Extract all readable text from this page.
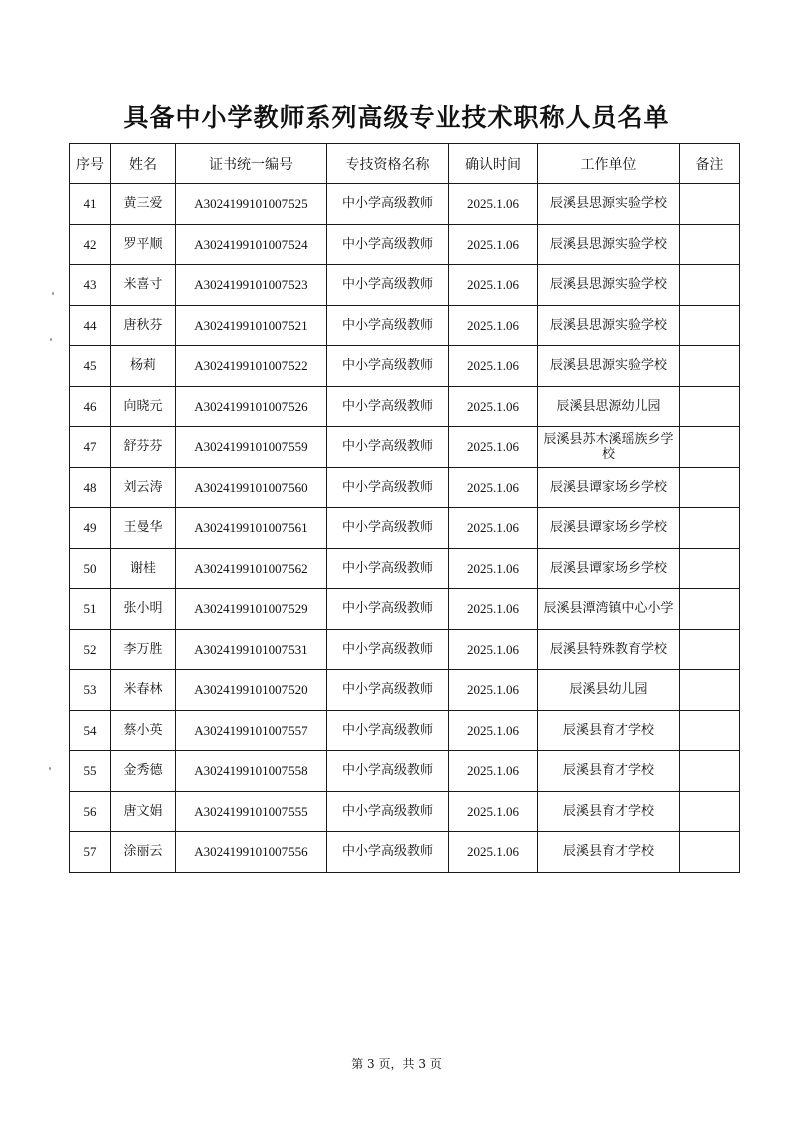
具备中小学教师系列高级专业技术职称人员名单
序号	姓名	证书统一编号	专技资格名称	确认时间	工作单位	备注
41	黄三爱	A3024199101007525	中小学高级教师	2025.1.06	辰溪县思源实验学校	
42	罗平顺	A3024199101007524	中小学高级教师	2025.1.06	辰溪县思源实验学校	
43	米喜寸	A3024199101007523	中小学高级教师	2025.1.06	辰溪县思源实验学校	
44	唐秋芬	A3024199101007521	中小学高级教师	2025.1.06	辰溪县思源实验学校	
45	杨莉	A3024199101007522	中小学高级教师	2025.1.06	辰溪县思源实验学校	
46	向晓元	A3024199101007526	中小学高级教师	2025.1.06	辰溪县思源幼儿园	
47	舒芬芬	A3024199101007559	中小学高级教师	2025.1.06	辰溪县苏木溪瑶族乡学校	
48	刘云涛	A3024199101007560	中小学高级教师	2025.1.06	辰溪县谭家场乡学校	
49	王曼华	A3024199101007561	中小学高级教师	2025.1.06	辰溪县谭家场乡学校	
50	谢桂	A3024199101007562	中小学高级教师	2025.1.06	辰溪县谭家场乡学校	
51	张小明	A3024199101007529	中小学高级教师	2025.1.06	辰溪县潭湾镇中心小学	
52	李万胜	A3024199101007531	中小学高级教师	2025.1.06	辰溪县特殊教育学校	
53	米春林	A3024199101007520	中小学高级教师	2025.1.06	辰溪县幼儿园	
54	蔡小英	A3024199101007557	中小学高级教师	2025.1.06	辰溪县育才学校	
55	金秀德	A3024199101007558	中小学高级教师	2025.1.06	辰溪县育才学校	
56	唐文娟	A3024199101007555	中小学高级教师	2025.1.06	辰溪县育才学校	
57	涂丽云	A3024199101007556	中小学高级教师	2025.1.06	辰溪县育才学校	
第 3 页，共 3 页
